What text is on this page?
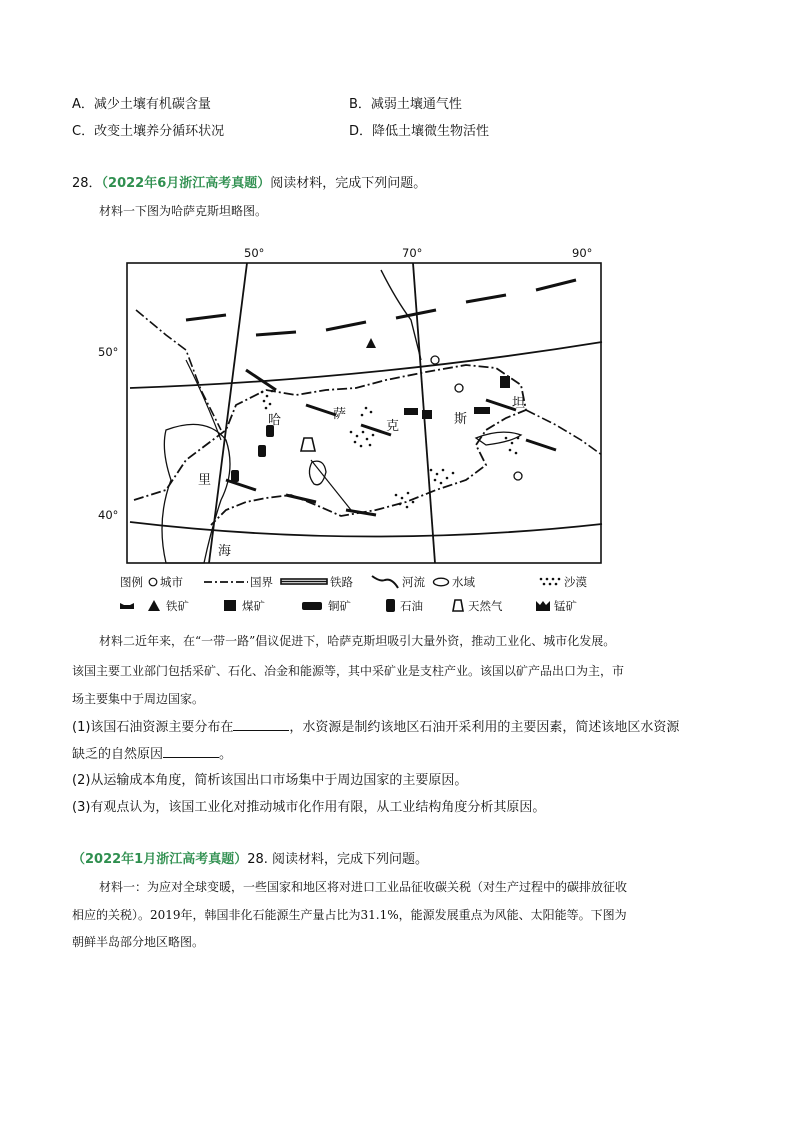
A．减少土壤有机碳含量	B．减弱土壤通气性
C．改变土壤养分循环状况	D．降低土壤微生物活性
28．（2022年6月浙江高考真题）阅读材料，完成下列问题。
材料一下图为哈萨克斯坦略图。
50°	70°	90°
50°
40°
哈	萨
克	斯
坦
里
海
图例 城市	国界	铁路	河流 水域	沙漠
铁矿	煤矿	铜矿	石油	天然气	锰矿
材料二近年来，在“一带一路”倡议促进下，哈萨克斯坦吸引大量外资，推动工业化、城市化发展。
该国主要工业部门包括采矿、石化、冶金和能源等，其中采矿业是支柱产业。该国以矿产品出口为主，市
场主要集中于周边国家。
(1)该国石油资源主要分布在	，水资源是制约该地区石油开采利用的主要因素，简述该地区水资源
缺乏的自然原因	。
(2)从运输成本角度，简析该国出口市场集中于周边国家的主要原因。
(3)有观点认为，该国工业化对推动城市化作用有限，从工业结构角度分析其原因。
（2022年1月浙江高考真题）28. 阅读材料，完成下列问题。
材料一：为应对全球变暖，一些国家和地区将对进口工业品征收碳关税（对生产过程中的碳排放征收
相应的关税）。2019年，韩国非化石能源生产量占比为31.1%，能源发展重点为风能、太阳能等。下图为
朝鲜半岛部分地区略图。
